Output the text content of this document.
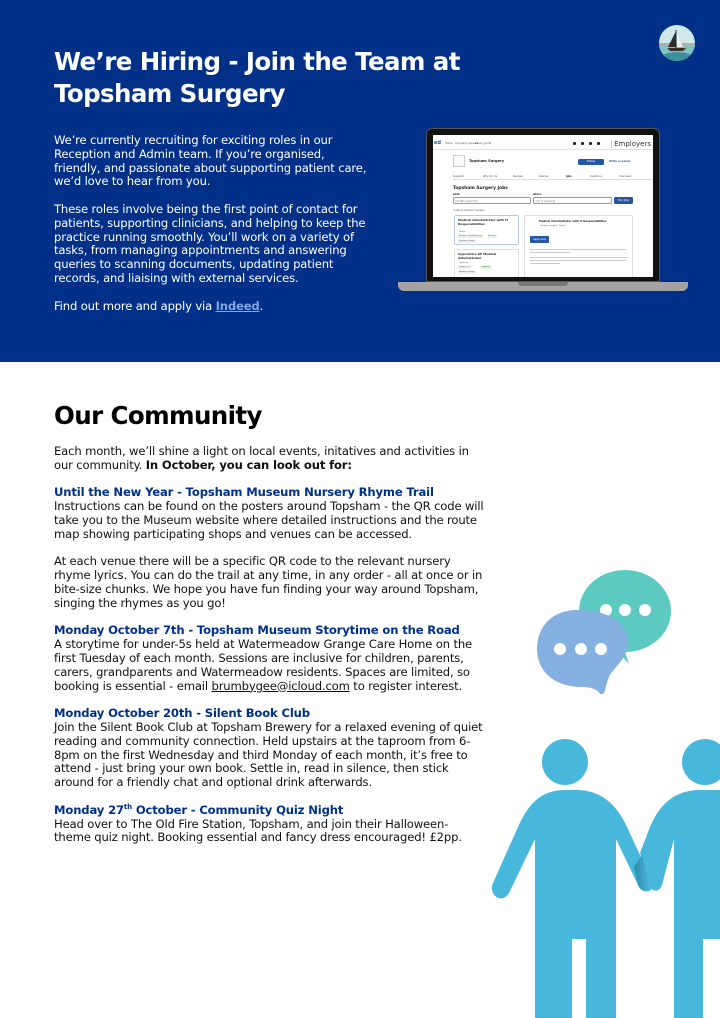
We’re Hiring - Join the Team at Topsham Surgery

We’re currently recruiting for exciting roles in our Reception and Admin team. If you’re organised, friendly, and passionate about supporting patient care, we’d love to hear from you.

These roles involve being the first point of contact for patients, supporting clinicians, and helping to keep the practice running smoothly. You’ll work on a variety of tasks, from managing appointments and answering queries to scanning documents, updating patient records, and liaising with external services.

Find out more and apply via Indeed.

ed Home Company reviews
Salary guide	Employers
Topsham Surgery	Follow	Write a review
Snapshot	Why Join Us	Reviews	Salaries	Jobs	Questions	Interviews
Topsham Surgery Jobs
what	where
Job title, keywords	City or postcode	Find Jobs
2 jobs at Topsham Surgery
Medical Administrator with IT Responsibilities
Exeter
£23,000 - £25,000 a year	Part-time
Monday to Friday
Apprentice GP Medical Administrator
Topsham
£ Entry level	Temporary
Monday to Friday
Medical Administrator with IT Responsibilities
Topsham Surgery · Exeter
Apply Now
Our Community

Each month, we’ll shine a light on local events, initatives and activities in our community. In October, you can look out for:

Until the New Year - Topsham Museum Nursery Rhyme Trail

Instructions can be found on the posters around Topsham - the QR code will take you to the Museum website where detailed instructions and the route map showing participating shops and venues can be accessed.

At each venue there will be a specific QR code to the relevant nursery rhyme lyrics. You can do the trail at any time, in any order - all at once or in bite-size chunks. We hope you have fun finding your way around Topsham, singing the rhymes as you go!

Monday October 7th - Topsham Museum Storytime on the Road

A storytime for under-5s held at Watermeadow Grange Care Home on the first Tuesday of each month. Sessions are inclusive for children, parents, carers, grandparents and Watermeadow residents. Spaces are limited, so booking is essential - email brumbygee@icloud.com to register interest.

Monday October 20th - Silent Book Club

Join the Silent Book Club at Topsham Brewery for a relaxed evening of quiet reading and community connection. Held upstairs at the taproom from 6-8pm on the first Wednesday and third Monday of each month, it’s free to attend - just bring your own book. Settle in, read in silence, then stick around for a friendly chat and optional drink afterwards.

Monday 27th October - Community Quiz Night

Head over to The Old Fire Station, Topsham, and join their Halloween-theme quiz night. Booking essential and fancy dress encouraged! £2pp.
